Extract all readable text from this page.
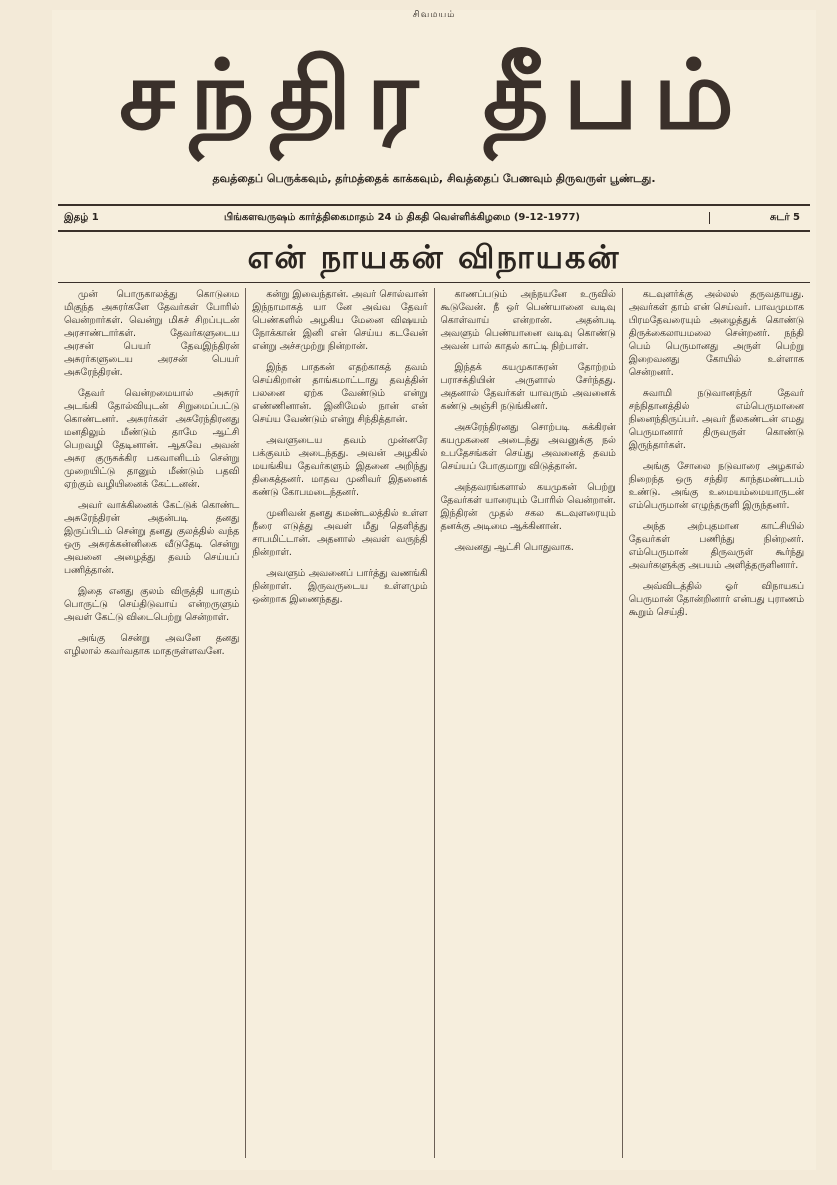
சிவமயம்
சந்திர தீபம்
தவத்தைப் பெருக்கவும், தர்மத்தைக் காக்கவும், சிவத்தைப் பேணவும் திருவருள் பூண்டது.
இதழ் 1	பிங்களவருஷம் கார்த்திகைமாதம் 24 ம் திகதி வெள்ளிக்கிழமை (9-12-1977)	சுடர் 5
என் நாயகன் விநாயகன்

முன் பொருகாலத்து கொடுமை மிகுந்த அசுரர்களே தேவர்கள் போரில் வென்றார்கள். வென்று மிகச் சிறப்புடன் அரசாண்டார்கள். தேவர்களுடைய அரசன் பெயர் தேவஇந்திரன் அசுரர்களுடைய அரசன் பெயர் அசுரேந்திரன்.

தேவர் வென்றமையால் அசுரர் அடங்கி தோல்வியுடன் சிறுமைப்பட்டு கொண்டனர். அசுரர்கள் அசுரேந்திரனது மனதிலும் மீண்டும் தாமே ஆட்சி பெறவழி தேடினான். ஆகவே அவன் அசுர குருசுக்கிர பகவானிடம் சென்று முறையிட்டு தானும் மீண்டும் பதவி ஏற்கும் வழியினைக் கேட்டனன்.

அவர் வாக்கினைக் கேட்டுக் கொண்ட அசுரேந்திரன் அதன்படி தனது இருப்பிடம் சென்று தனது குலத்தில் வந்த ஒரு அசுரக்கன்னிகை வீடுதேடி சென்று அவனை அழைத்து தவம் செய்யப் பணித்தான்.

இதை எனது குலம் விருத்தி யாகும் பொருட்டு செய்திடுவாய் என்றருளும் அவள் கேட்டு விடைபெற்று சென்றாள்.

அங்கு சென்று அவனே தனது எழிலால் கவர்வதாக மாதருள்ளவனே.

கன்று இவைந்தான். அவர் சொல்வான் இந்நாமாகத் யா னே அவ்வ தேவர் பெண்களில் அழகிய மேனை விஷயம் நோக்கான் இனி என் செய்ய கடவேன் என்று அச்சமுற்று நின்றான்.

இந்த பாதகன் எதற்காகத் தவம் செய்கிறான் தாங்கமாட்டாது தவத்தின் பலனை ஏற்க வேண்டும் என்று எண்ணினான். இனிமேல் நான் என் செய்ய வேண்டும் என்று சிந்தித்தான்.

அவளுடைய தவம் முன்னரே பக்குவம் அடைந்தது. அவன் அழகில் மயங்கிய தேவர்களும் இதனை அறிந்து திகைத்தனர். மாதவ முனிவர் இதனைக் கண்டு கோபமடைந்தனர்.

முனிவன் தனது கமண்டலத்தில் உள்ள நீரை எடுத்து அவள் மீது தெளித்து சாபமிட்டான். அதனால் அவள் வருந்தி நின்றாள்.

அவளும் அவனைப் பார்த்து வணங்கி நின்றாள். இருவருடைய உள்ளமும் ஒன்றாக இணைந்தது.

காணப்படும் அந்நயனே உருவில் கூடுவேன். நீ ஒர் பெண்யானை வடிவு கொள்வாய் என்றான். அதன்படி அவளும் பெண்யானை வடிவு கொண்டு அவன் பால் காதல் காட்டி நிற்பாள்.

இந்தக் கயமுகாசுரன் தோற்றம் பராசக்தியின் அருளால் சேர்ந்தது. அதனால் தேவர்கள் யாவரும் அவனைக் கண்டு அஞ்சி நடுங்கினர்.

அசுரேந்திரனது சொற்படி சுக்கிரன் கயமுகனை அடைந்து அவனுக்கு நல் உபதேசங்கள் செய்து அவனைத் தவம் செய்யப் போகுமாறு விடுத்தான்.

அந்தவரங்களால் கயமுகன் பெற்று தேவர்கள் யாரையும் போரில் வென்றான். இந்திரன் முதல் சகல கடவுளரையும் தனக்கு அடிமை ஆக்கினான்.

அவனது ஆட்சி பொதுவாக.

கடவுளர்க்கு அல்லல் தருவதாயது. அவர்கள் தாம் என் செய்வர். பாவமுமாக பிரமதேவரையும் அழைத்துக் கொண்டு திருக்கைலாயமலை சென்றனர். நந்தி பெம் பெருமானது அருள் பெற்று இறைவனது கோயில் உள்ளாக சென்றனர்.

சுவாமி நடுவானந்தர் தேவர் சந்நிதானத்தில் எம்பெருமானை நினைந்திருப்பர். அவர் நீலகண்டன் எமது பெருமானார் திருவருள் கொண்டு இருந்தார்கள்.

அங்கு சோலை நடுவாரை அழகால் நிறைந்த ஒரு சந்திர காந்தமண்டபம் உண்டு. அங்கு உமையம்மையாருடன் எம்பெருமான் எழுந்தருளி இருந்தனர்.

அந்த அற்புதமான காட்சியில் தேவர்கள் பணிந்து நின்றனர். எம்பெருமான் திருவருள் கூர்ந்து அவர்களுக்கு அபயம் அளித்தருளினார்.

அவ்விடத்தில் ஓர் விநாயகப் பெருமான் தோன்றினார் என்பது புராணம் கூறும் செய்தி.
